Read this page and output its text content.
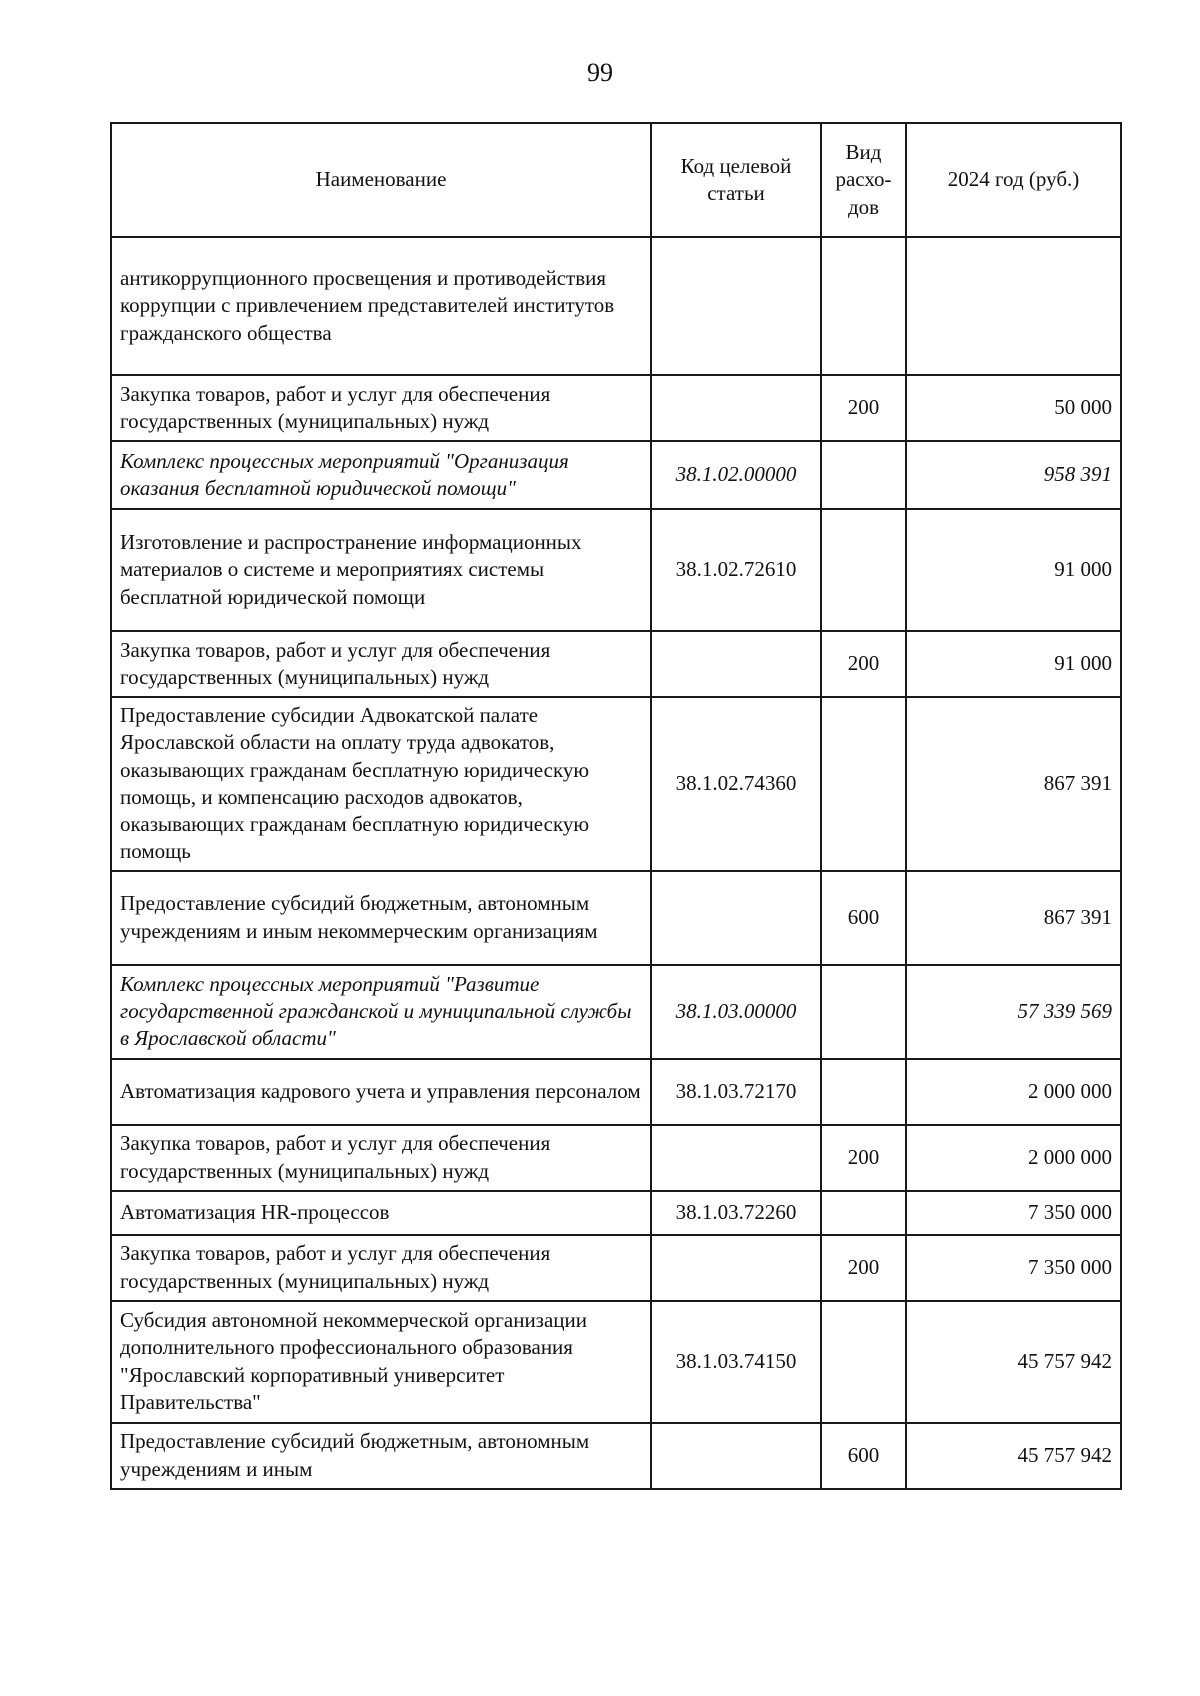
99
Наименование	Код целевой статьи	Вид расхо-дов	2024 год (руб.)
антикоррупционного просвещения и противодействия коррупции с привлечением представителей институтов гражданского общества			
Закупка товаров, работ и услуг для обеспечения государственных (муниципальных) нужд		200	50 000
Комплекс процессных мероприятий "Организация оказания бесплатной юридической помощи"	38.1.02.00000		958 391
Изготовление и распространение информационных материалов о системе и мероприятиях системы бесплатной юридической помощи	38.1.02.72610		91 000
Закупка товаров, работ и услуг для обеспечения государственных (муниципальных) нужд		200	91 000
Предоставление субсидии Адвокатской палате Ярославской области на оплату труда адвокатов, оказывающих гражданам бесплатную юридическую помощь, и компенсацию расходов адвокатов, оказывающих гражданам бесплатную юридическую помощь	38.1.02.74360		867 391
Предоставление субсидий бюджетным, автономным учреждениям и иным некоммерческим организациям		600	867 391
Комплекс процессных мероприятий "Развитие государственной гражданской и муниципальной службы в Ярославской области"	38.1.03.00000		57 339 569
Автоматизация кадрового учета и управления персоналом	38.1.03.72170		2 000 000
Закупка товаров, работ и услуг для обеспечения государственных (муниципальных) нужд		200	2 000 000
Автоматизация HR-процессов	38.1.03.72260		7 350 000
Закупка товаров, работ и услуг для обеспечения государственных (муниципальных) нужд		200	7 350 000
Субсидия автономной некоммерческой организации дополнительного профессионального образования "Ярославский корпоративный университет Правительства"	38.1.03.74150		45 757 942
Предоставление субсидий бюджетным, автономным учреждениям и иным		600	45 757 942
